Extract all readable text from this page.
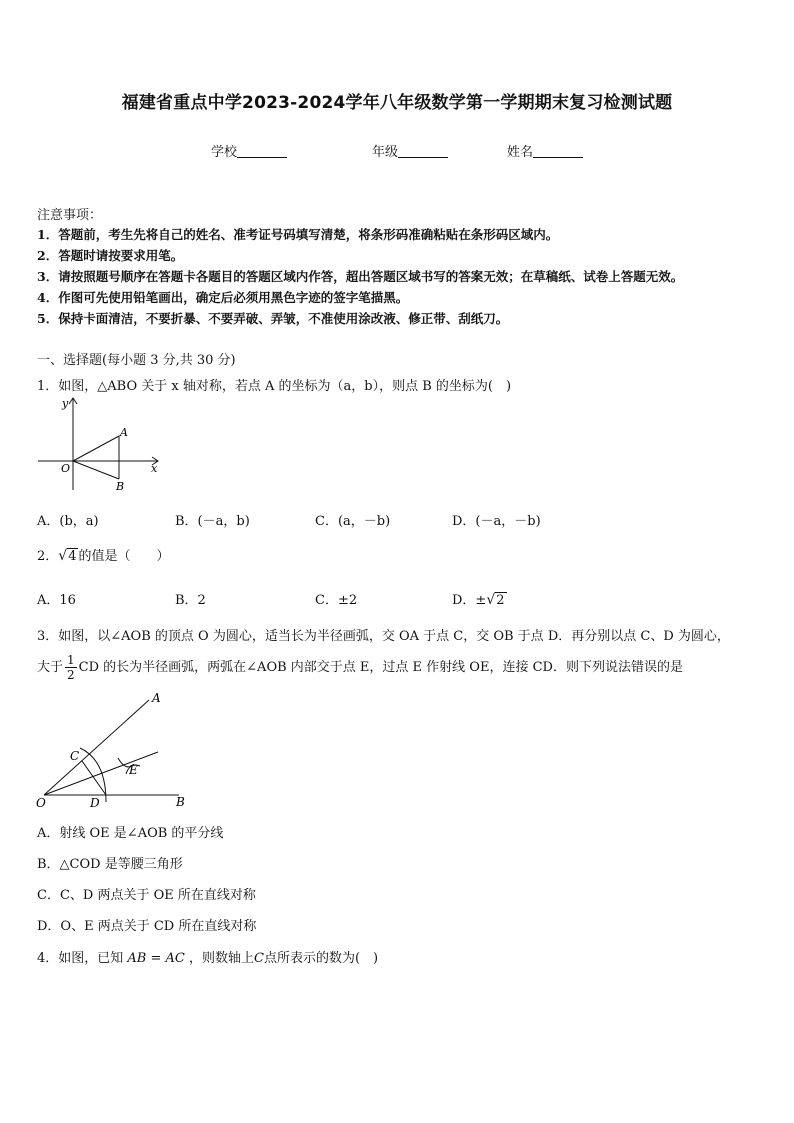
福建省重点中学2023-2024学年八年级数学第一学期期末复习检测试题
学校	年级	姓名
注意事项：
1．答题前，考生先将自己的姓名、准考证号码填写清楚，将条形码准确粘贴在条形码区域内。
2．答题时请按要求用笔。
3．请按照题号顺序在答题卡各题目的答题区域内作答，超出答题区域书写的答案无效；在草稿纸、试卷上答题无效。
4．作图可先使用铅笔画出，确定后必须用黑色字迹的签字笔描黑。
5．保持卡面清洁，不要折暴、不要弄破、弄皱，不准使用涂改液、修正带、刮纸刀。
一、选择题(每小题 3 分,共 30 分)
1．如图，△ABO 关于 x 轴对称，若点 A 的坐标为（a，b），则点 B 的坐标为(　)
y
x
O
A
B
A．(b，a)	B．(－a，b)	C．(a，－b)	D．(－a，－b)
2．√4 的值是（　　）
A．16	B．2	C．±2	D．±√2
3．如图，以∠AOB 的顶点 O 为圆心，适当长为半径画弧，交 OA 于点 C，交 OB 于点 D．再分别以点 C、D 为圆心，
大于 $\frac{1}{2}$ CD 的长为半径画弧，两弧在∠AOB 内部交于点 E，过点 E 作射线 OE，连接 CD．则下列说法错误的是
A
B
C
D
E
O
A．射线 OE 是∠AOB 的平分线
B．△COD 是等腰三角形
C．C、D 两点关于 OE 所在直线对称
D．O、E 两点关于 CD 所在直线对称
4．如图，已知 AB = AC ，则数轴上C点所表示的数为(　)
